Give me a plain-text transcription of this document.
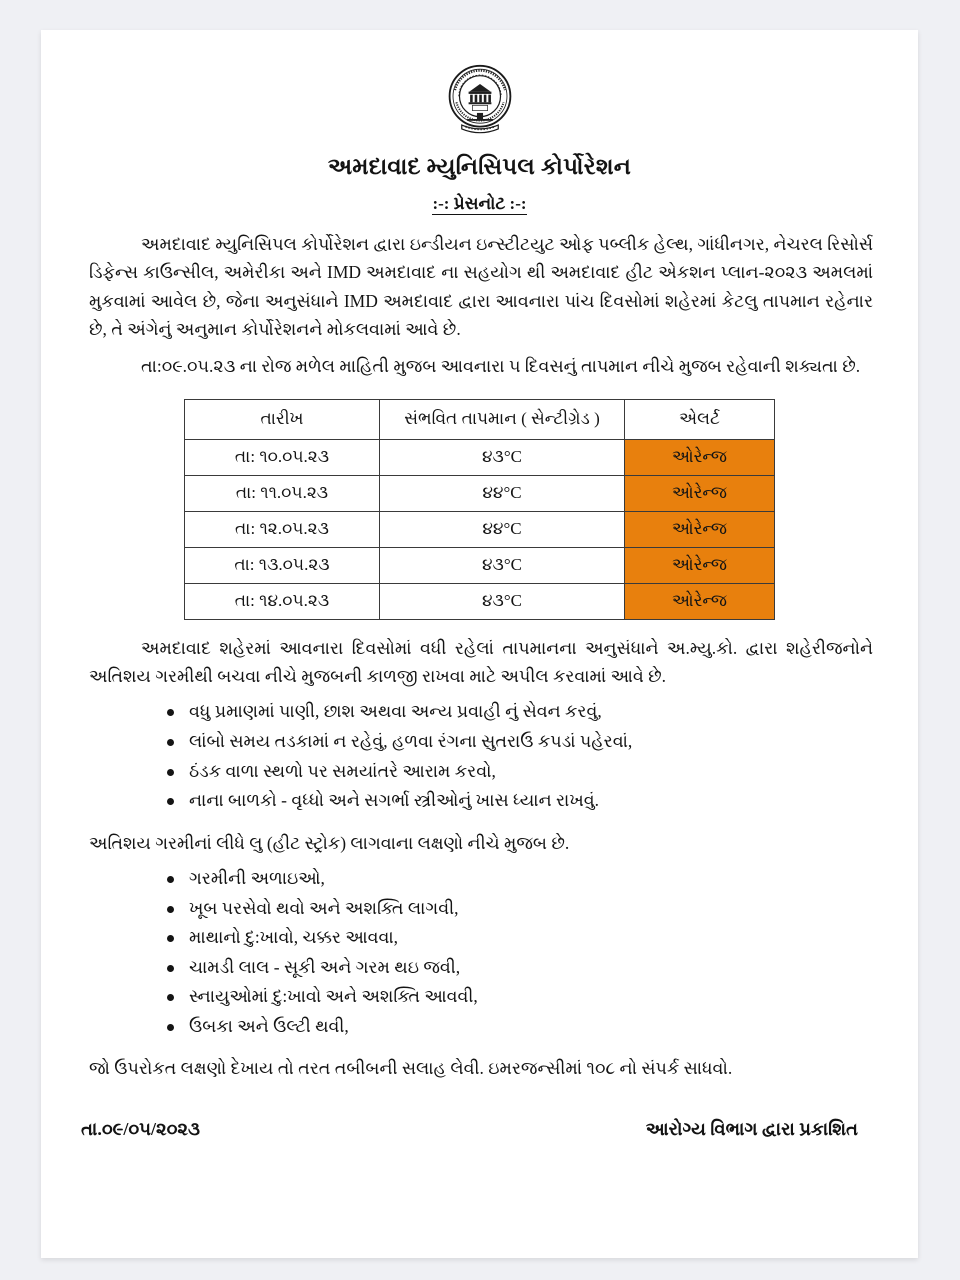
અમદાવાદ મ્યુનિસિપલ કોર્પોરેશન
:-: પ્રેસનોટ :-:

અમદાવાદ મ્યુનિસિપલ કોર્પોરેશન દ્વારા ઇન્ડીયન ઇન્સ્ટીટયુટ ઓફ પબ્લીક હેલ્થ, ગાંધીનગર, નેચરલ રિસોર્સ ડિફેન્સ કાઉન્સીલ, અમેરીકા અને IMD અમદાવાદ ના સહયોગ થી અમદાવાદ હીટ એકશન પ્લાન-૨૦૨૩ અમલમાં મુકવામાં આવેલ છે, જેના અનુસંધાને IMD અમદાવાદ દ્વારા આવનારા પાંચ દિવસોમાં શહેરમાં કેટલુ તાપમાન રહેનાર છે, તે અંગેનું અનુમાન કોર્પોરેશનને મોકલવામાં આવે છે.

તા:૦૯.૦૫.૨૩ ના રોજ મળેલ માહિતી મુજબ આવનારા ૫ દિવસનું તાપમાન નીચે મુજબ રહેવાની શક્યતા છે.

તારીખ	સંભવિત તાપમાન ( સેન્ટીગ્રેડ )	એલર્ટ
તા: ૧૦.૦૫.૨૩	૪૩°C	ઓરેન્જ
તા: ૧૧.૦૫.૨૩	૪૪°C	ઓરેન્જ
તા: ૧૨.૦૫.૨૩	૪૪°C	ઓરેન્જ
તા: ૧૩.૦૫.૨૩	૪૩°C	ઓરેન્જ
તા: ૧૪.૦૫.૨૩	૪૩°C	ઓરેન્જ

અમદાવાદ શહેરમાં આવનારા દિવસોમાં વધી રહેલાં તાપમાનના અનુસંધાને અ.મ્યુ.કો. દ્વારા શહેરીજનોને અતિશય ગરમીથી બચવા નીચે મુજબની કાળજી રાખવા માટે અપીલ કરવામાં આવે છે.

વધુ પ્રમાણમાં પાણી, છાશ અથવા અન્ય પ્રવાહી નું સેવન કરવું,
લાંબો સમય તડકામાં ન રહેવું, હળવા રંગના સુતરાઉ કપડાં પહેરવાં,
ઠંડક વાળા સ્થળો પર સમયાંતરે આરામ કરવો,
નાના બાળકો - વૃધ્ધો અને સગર્ભા સ્ત્રીઓનું ખાસ ધ્યાન રાખવું.

અતિશય ગરમીનાં લીધે લુ (હીટ સ્ટ્રોક) લાગવાના લક્ષણો નીચે મુજબ છે.

ગરમીની અળાઇઓ,
ખૂબ પરસેવો થવો અને અશક્તિ લાગવી,
માથાનો દુ:ખાવો, ચક્કર આવવા,
ચામડી લાલ - સૂકી અને ગરમ થઇ જવી,
સ્નાયુઓમાં દુ:ખાવો અને અશક્તિ આવવી,
ઉબકા અને ઉલ્ટી થવી,

જો ઉપરોકત લક્ષણો દેખાય તો તરત તબીબની સલાહ લેવી. ઇમરજન્સીમાં ૧૦૮ નો સંપર્ક સાધવો.

તા.૦૯/૦૫/૨૦૨૩	આરોગ્ય વિભાગ દ્વારા પ્રકાશિત
